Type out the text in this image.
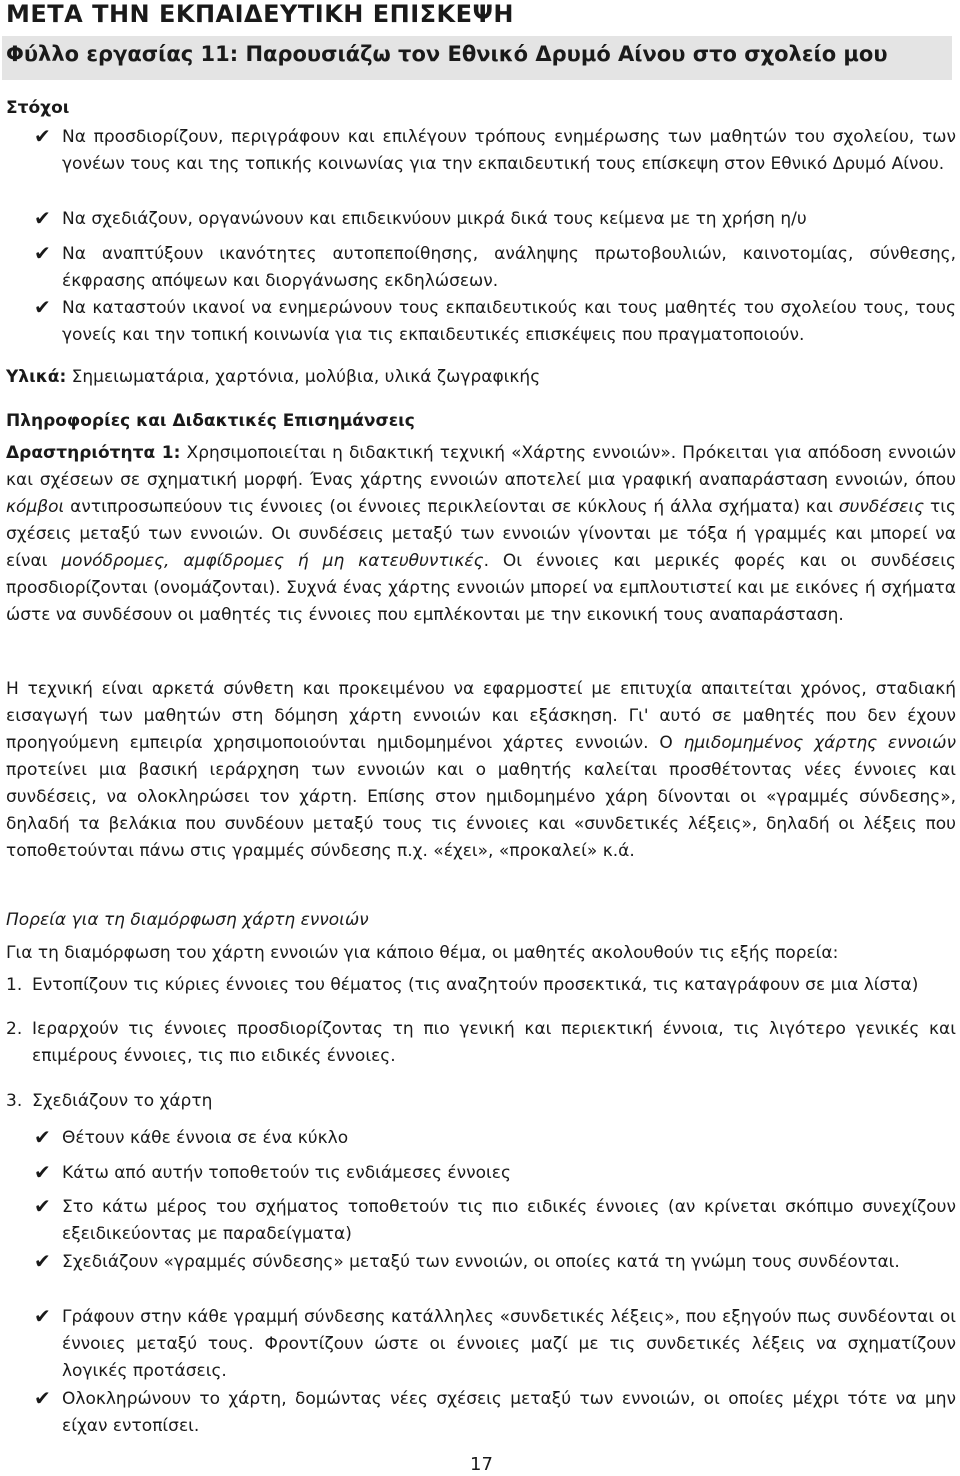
ΜΕΤΑ ΤΗΝ ΕΚΠΑΙΔΕΥΤΙΚΗ ΕΠΙΣΚΕΨΗ
Φύλλο εργασίας 11: Παρουσιάζω τον Εθνικό Δρυμό Αίνου στο σχολείο μου
Στόχοι
✔ Να προσδιορίζουν, περιγράφουν και επιλέγουν τρόπους ενημέρωσης των μαθητών του σχολείου, των γονέων τους και της τοπικής κοινωνίας για την εκπαιδευτική τους επίσκεψη στον Εθνικό Δρυμό Αίνου.
✔ Να σχεδιάζουν, οργανώνουν και επιδεικνύουν μικρά δικά τους κείμενα με τη χρήση η/υ
✔ Να αναπτύξουν ικανότητες αυτοπεποίθησης, ανάληψης πρωτοβουλιών, καινοτομίας, σύνθεσης, έκφρασης απόψεων και διοργάνωσης εκδηλώσεων.
✔ Να καταστούν ικανοί να ενημερώνουν τους εκπαιδευτικούς και τους μαθητές του σχολείου τους, τους γονείς και την τοπική κοινωνία για τις εκπαιδευτικές επισκέψεις που πραγματοποιούν.
Υλικά: Σημειωματάρια, χαρτόνια, μολύβια, υλικά ζωγραφικής
Πληροφορίες και Διδακτικές Επισημάνσεις
Δραστηριότητα 1: Χρησιμοποιείται η διδακτική τεχνική «Χάρτης εννοιών». Πρόκειται για απόδοση εννοιών και σχέσεων σε σχηματική μορφή. Ένας χάρτης εννοιών αποτελεί μια γραφική αναπαράσταση εννοιών, όπου κόμβοι αντιπροσωπεύουν τις έννοιες (οι έννοιες περικλείονται σε κύκλους ή άλλα σχήματα) και συνδέσεις τις σχέσεις μεταξύ των εννοιών. Οι συνδέσεις μεταξύ των εννοιών γίνονται με τόξα ή γραμμές και μπορεί να είναι μονόδρομες, αμφίδρομες ή μη κατευθυντικές. Οι έννοιες και μερικές φορές και οι συνδέσεις προσδιορίζονται (ονομάζονται). Συχνά ένας χάρτης εννοιών μπορεί να εμπλουτιστεί και με εικόνες ή σχήματα ώστε να συνδέσουν οι μαθητές τις έννοιες που εμπλέκονται με την εικονική τους αναπαράσταση.
Η τεχνική είναι αρκετά σύνθετη και προκειμένου να εφαρμοστεί με επιτυχία απαιτείται χρόνος, σταδιακή εισαγωγή των μαθητών στη δόμηση χάρτη εννοιών και εξάσκηση. Γι' αυτό σε μαθητές που δεν έχουν προηγούμενη εμπειρία χρησιμοποιούνται ημιδομημένοι χάρτες εννοιών. Ο ημιδομημένος χάρτης εννοιών προτείνει μια βασική ιεράρχηση των εννοιών και ο μαθητής καλείται προσθέτοντας νέες έννοιες και συνδέσεις, να ολοκληρώσει τον χάρτη. Επίσης στον ημιδομημένο χάρη δίνονται οι «γραμμές σύνδεσης», δηλαδή τα βελάκια που συνδέουν μεταξύ τους τις έννοιες και «συνδετικές λέξεις», δηλαδή οι λέξεις που τοποθετούνται πάνω στις γραμμές σύνδεσης π.χ. «έχει», «προκαλεί» κ.ά.
Πορεία για τη διαμόρφωση χάρτη εννοιών
Για τη διαμόρφωση του χάρτη εννοιών για κάποιο θέμα, οι μαθητές ακολουθούν τις εξής πορεία:
1. Εντοπίζουν τις κύριες έννοιες του θέματος (τις αναζητούν προσεκτικά, τις καταγράφουν σε μια λίστα)
2. Ιεραρχούν τις έννοιες προσδιορίζοντας τη πιο γενική και περιεκτική έννοια, τις λιγότερο γενικές και επιμέρους έννοιες, τις πιο ειδικές έννοιες.
3. Σχεδιάζουν το χάρτη
✔ Θέτουν κάθε έννοια σε ένα κύκλο
✔ Κάτω από αυτήν τοποθετούν τις ενδιάμεσες έννοιες
✔ Στο κάτω μέρος του σχήματος τοποθετούν τις πιο ειδικές έννοιες (αν κρίνεται σκόπιμο συνεχίζουν εξειδικεύοντας με παραδείγματα)
✔ Σχεδιάζουν «γραμμές σύνδεσης» μεταξύ των εννοιών, οι οποίες κατά τη γνώμη τους συνδέονται.
✔ Γράφουν στην κάθε γραμμή σύνδεσης κατάλληλες «συνδετικές λέξεις», που εξηγούν πως συνδέονται οι έννοιες μεταξύ τους. Φροντίζουν ώστε οι έννοιες μαζί με τις συνδετικές λέξεις να σχηματίζουν λογικές προτάσεις.
✔ Ολοκληρώνουν το χάρτη, δομώντας νέες σχέσεις μεταξύ των εννοιών, οι οποίες μέχρι τότε να μην είχαν εντοπίσει.
17
